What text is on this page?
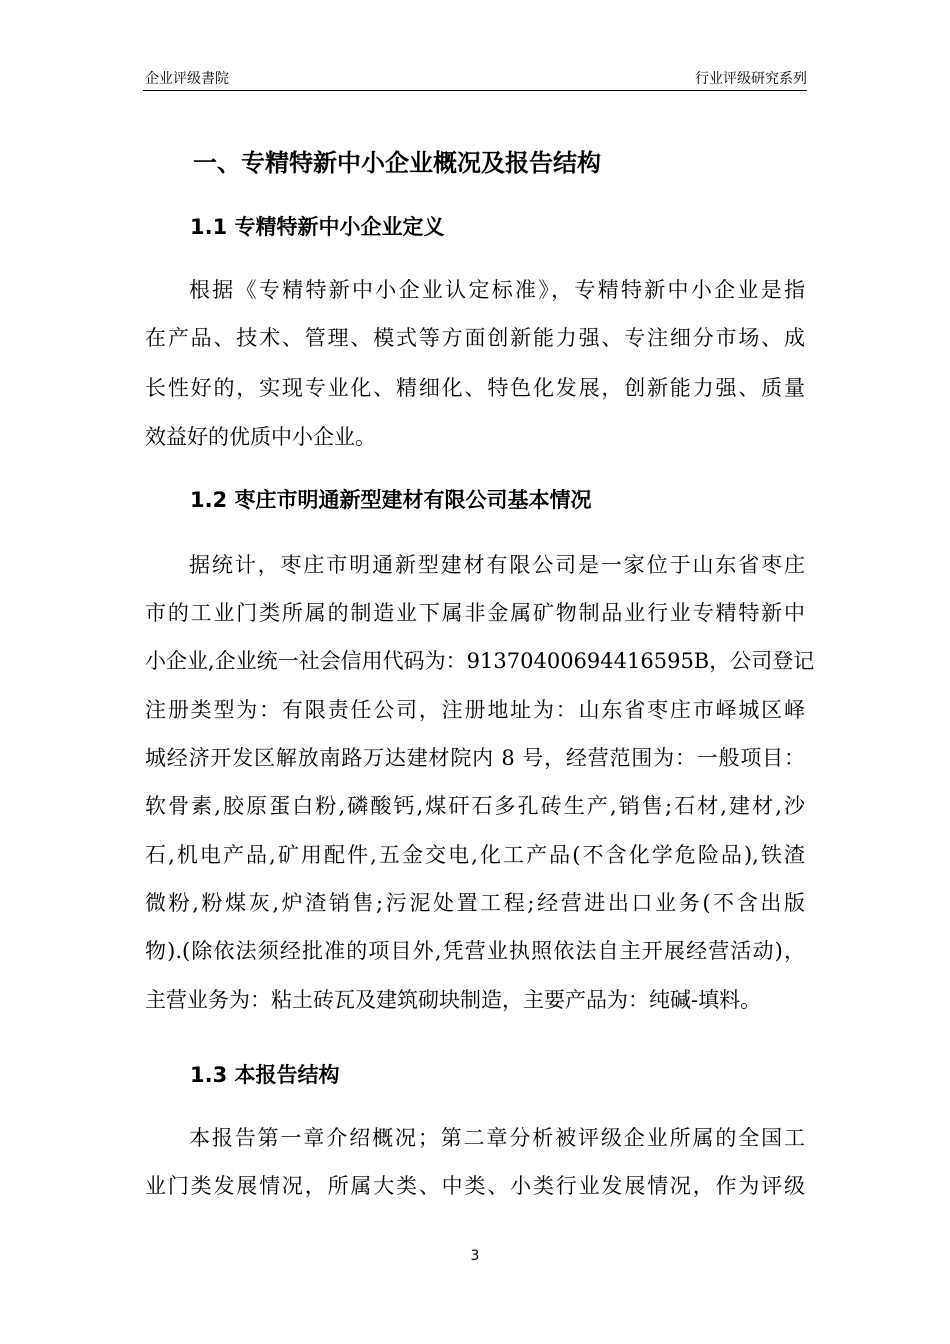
企业评级書院	行业评级研究系列
一、专精特新中小企业概况及报告结构
1.1 专精特新中小企业定义
根据《专精特新中小企业认定标准》，专精特新中小企业是指
在产品、技术、管理、模式等方面创新能力强、专注细分市场、成
长性好的，实现专业化、精细化、特色化发展，创新能力强、质量
效益好的优质中小企业。
1.2 枣庄市明通新型建材有限公司基本情况
据统计，枣庄市明通新型建材有限公司是一家位于山东省枣庄
市的工业门类所属的制造业下属非金属矿物制品业行业专精特新中
小企业,企业统一社会信用代码为：91370400694416595B，公司登记
注册类型为：有限责任公司，注册地址为：山东省枣庄市峄城区峄
城经济开发区解放南路万达建材院内 8 号，经营范围为：一般项目：
软骨素,胶原蛋白粉,磷酸钙,煤矸石多孔砖生产,销售;石材,建材,沙
石,机电产品,矿用配件,五金交电,化工产品(不含化学危险品),铁渣
微粉,粉煤灰,炉渣销售;污泥处置工程;经营进出口业务(不含出版
物).(除依法须经批准的项目外,凭营业执照依法自主开展经营活动)，
主营业务为：粘土砖瓦及建筑砌块制造，主要产品为：纯碱-填料。
1.3 本报告结构
本报告第一章介绍概况；第二章分析被评级企业所属的全国工
业门类发展情况，所属大类、中类、小类行业发展情况，作为评级
3
